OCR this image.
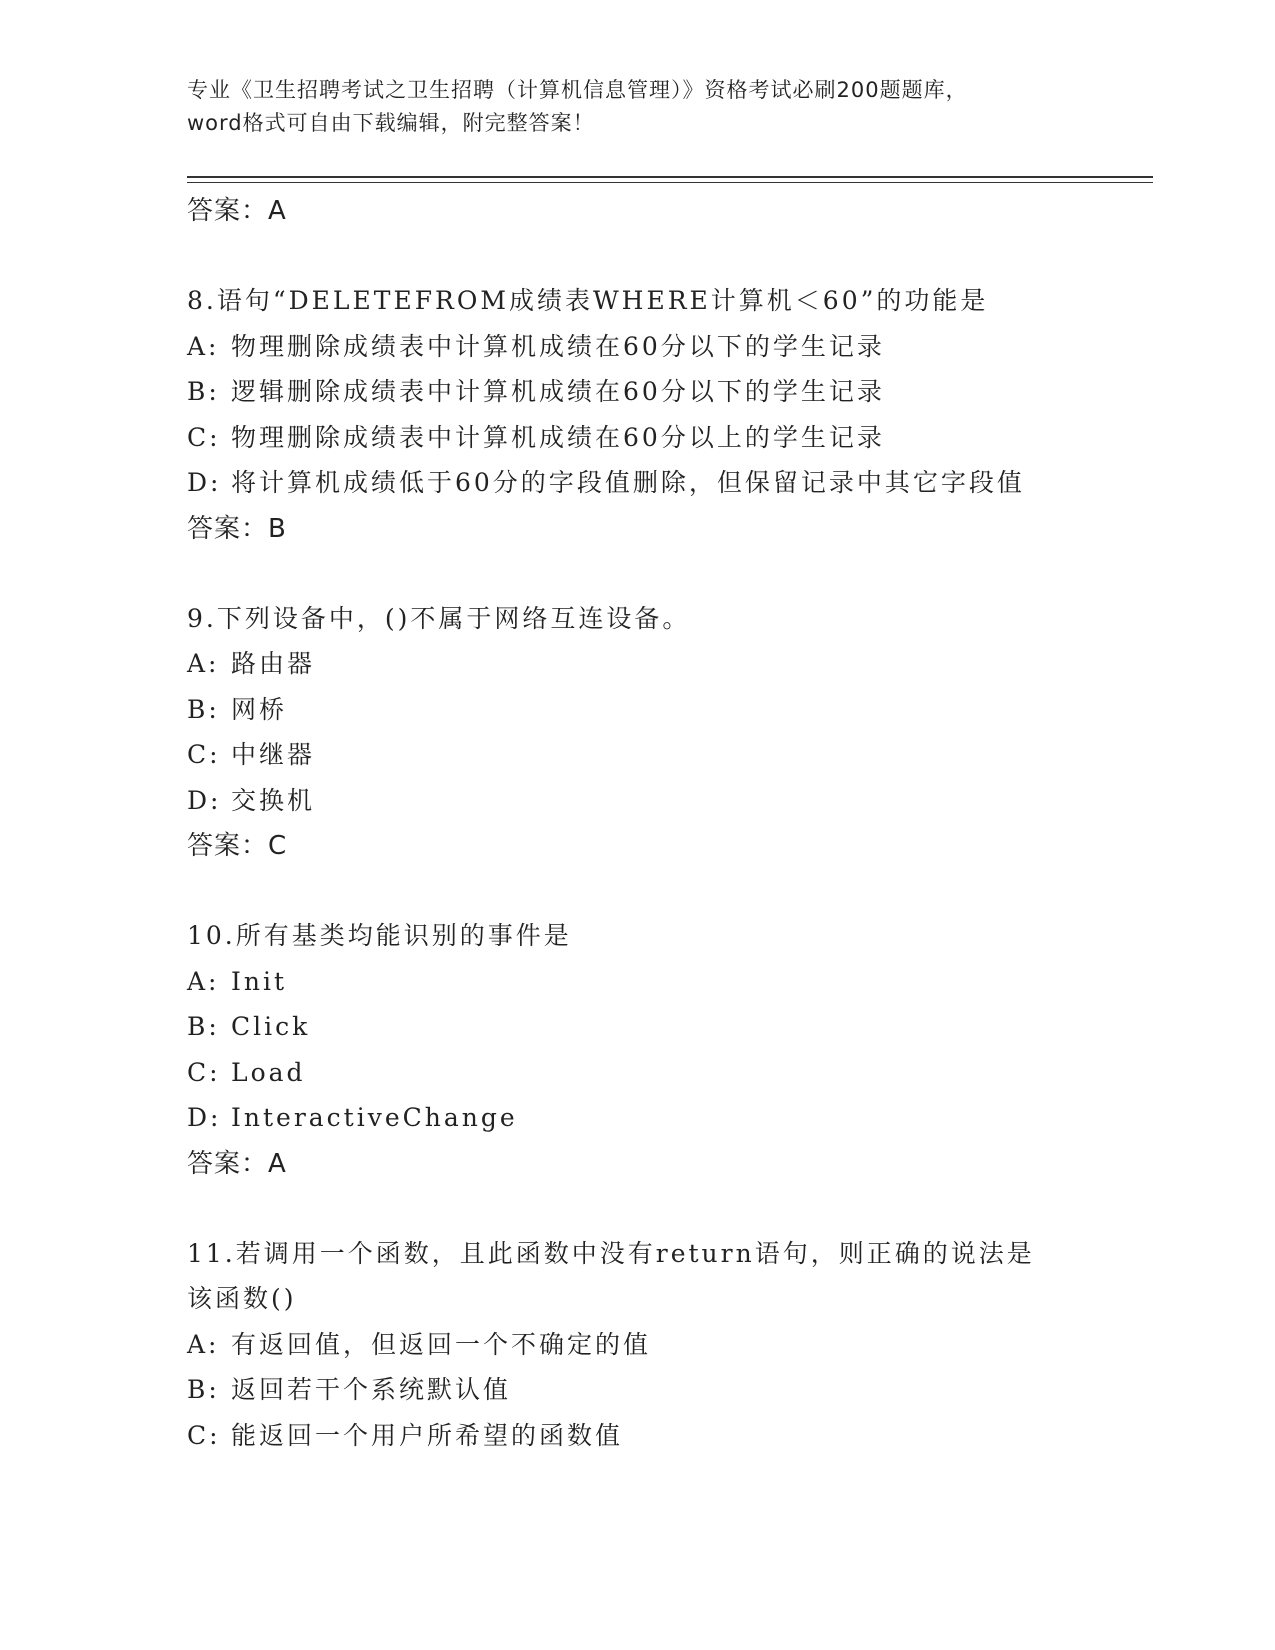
专业《卫生招聘考试之卫生招聘（计算机信息管理）》资格考试必刷200题题库，
word格式可自由下载编辑，附完整答案！
答案：A
8.语句“DELETEFROM成绩表WHERE计算机＜60”的功能是
A: 物理删除成绩表中计算机成绩在60分以下的学生记录
B: 逻辑删除成绩表中计算机成绩在60分以下的学生记录
C: 物理删除成绩表中计算机成绩在60分以上的学生记录
D: 将计算机成绩低于60分的字段值删除，但保留记录中其它字段值
答案：B
9.下列设备中，()不属于网络互连设备。
A: 路由器
B: 网桥
C: 中继器
D: 交换机
答案：C
10.所有基类均能识别的事件是
A: Init
B: Click
C: Load
D: InteractiveChange
答案：A
11.若调用一个函数，且此函数中没有return语句，则正确的说法是
该函数()
A: 有返回值，但返回一个不确定的值
B: 返回若干个系统默认值
C: 能返回一个用户所希望的函数值
